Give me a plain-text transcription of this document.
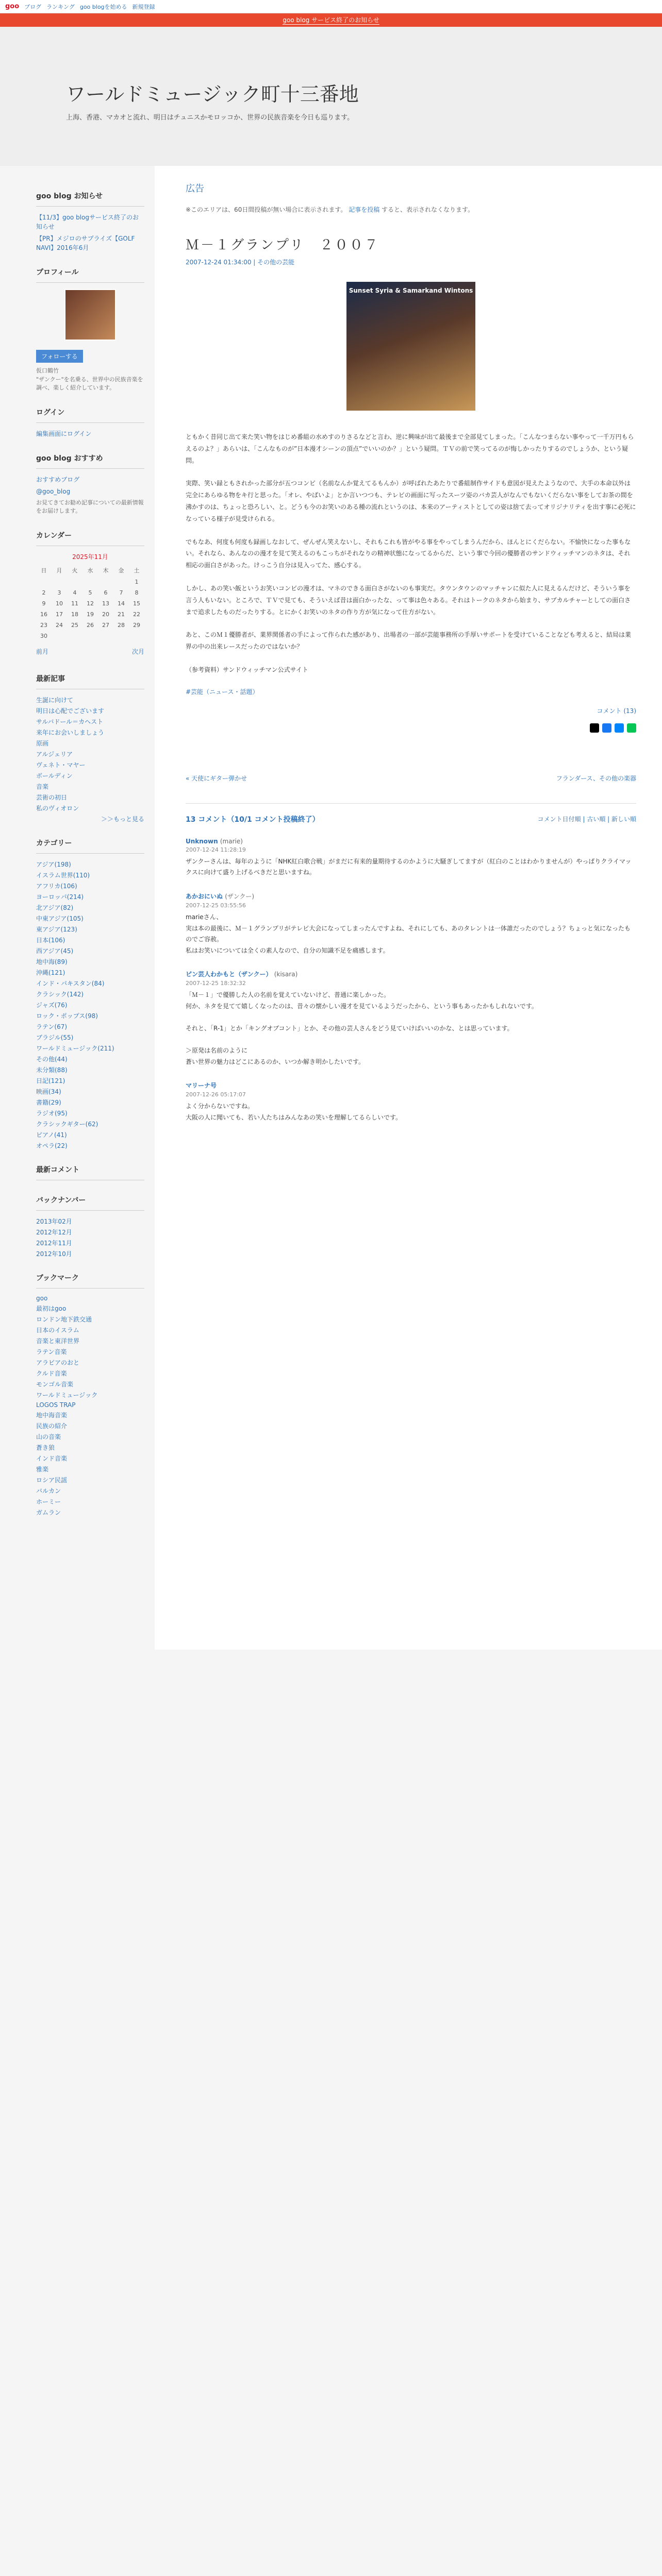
goo ブログ ランキング goo blogを始める 新規登録
goo blog サービス終了のお知らせ
ワールドミュージック町十三番地

上海、香港、マカオと流れ、明日はチュニスかモロッコか、世界の民族音楽を今日も巡ります。

goo blog お知らせ
【11/3】goo blogサービス終了のお知らせ
【PR】メジロのサプライズ【GOLF NAVI】2016年6月
プロフィール
フォローする
仮口鶴竹
"ザンクー"を名乗る、世界中の民族音楽を調べ、楽しく紹介しています。
ログイン
編集画面にログイン
goo blog おすすめ
おすすめブログ
@goo_blog
お見てきてお勧め記事についての最新情報をお届けします。
カレンダー
2025年11月
日	月	火	水	木	金	土
						1
2	3	4	5	6	7	8
9	10	11	12	13	14	15
16	17	18	19	20	21	22
23	24	25	26	27	28	29
30						
前月	次月
最新記事
生誕に向けて
明日は心配でございます
サルバドール＝カヘスト
来年にお会いしましょう
原画
アルジェリア
ヴェネト・マヤー
ボールディン
音楽
芸術の初日
私のヴィオロン
＞＞もっと見る
カテゴリー
アジア(198)
イスラム世界(110)
アフリカ(106)
ヨーロッパ(214)
北アジア(82)
中東アジア(105)
東アジア(123)
日本(106)
西アジア(45)
地中海(89)
沖縄(121)
インド・パキスタン(84)
クラシック(142)
ジャズ(76)
ロック・ポップス(98)
ラテン(67)
ブラジル(55)
ワールドミュージック(211)
その他(44)
未分類(88)
日記(121)
映画(34)
書籍(29)
ラジオ(95)
クラシックギター(62)
ピアノ(41)
オペラ(22)
最新コメント
バックナンバー
2013年02月
2012年12月
2012年11月
2012年10月
ブックマーク
goo
最初はgoo
ロンドン地下鉄交通
日本のイスラム
音楽と東洋世界
ラテン音楽
アラビアのおと
クルド音楽
モンゴル音楽
ワールドミュージック
LOGOS TRAP
地中海音楽
民族の紹介
山の音楽
蒼き狼
インド音楽
雅楽
ロシア民謡
バルカン
ホーミー
ガムラン
広告
※このエリアは、60日間投稿が無い場合に表示されます。 記事を投稿 すると、表示されなくなります。
Ｍ－１グランプリ　２００７
2007-12-24 01:34:00 | その他の芸能
Sunset Syria & Samarkand Wintons

ともかく昔同じ出て来た笑い物をはじめ番組の水めすのりさるなどと言わ、逆に興味が出て最後まで全部見てしまった。「こんなつまらない事やって一千万円もらえるのよ？」あらいは、「こんなものが”日本漫才シーンの頂点”でいいのか？」という疑問。ＴＶの前で笑ってるのが悔しかったりするのでしょうか、という疑問。

実際、笑い録ともされかった部分が五つコンビ（名前なんか覚えてるもんか）が呼ばれたあたりで番組制作サイドも意図が見えたようなので、大手の本命以外は完全にあらゆる物をキ行と思った。「オレ、やばいよ」とか言いつつも、テレビの画面に写ったスーツ姿のバカ芸人がなんでもないくだらない事をしてお茶の間を沸かすのは、ちょっと恐ろしい、と。どうも今のお笑いのある種の流れというのは、本来のアーティストとしての姿は捨て去ってオリジナリティを出す事に必死になっている様子が見受けられる。

でもなあ、何度も何度も録画しなおして、ぜんぜん笑えないし、それもこれも皆がやる事をやってしまうんだから、ほんとにくだらない。不愉快になった事もない。それなら、あんなのの漫才を見て笑えるのもこっちがそれなりの精神状態になってるからだ、という事で今回の優勝者のサンドウィッチマンのネタは、それ相応の面白さがあった。けっこう自分は見入ってた、感心する。

しかし、あの笑い飯というお笑いコンビの漫才は、マネのできる面白さがないのも事実だ。タウンタウンのマッチャンに似た人に見えるんだけど、そういう事を言う人もいない。ところで、ＴＶで見ても、そういえば昔は面白かったな、って事は色々ある。それはトークのネタから始まり、サブカルチャーとしての面白さまで追求したものだったりする。とにかくお笑いのネタの作り方が気になって仕方がない。

あと、このＭ１優勝者が、業界関係者の手によって作られた感があり、出場者の一部が芸能事務所の手厚いサポートを受けていることなども考えると、結局は業界の中の出来レースだったのではないか？

（参考資料）サンドウィッチマン公式サイト

#芸能（ニュース・話題）
コメント (13)
« 天使にギター弾かせ	フランダース、その他の楽器
13 コメント（10/1 コメント投稿終了）	コメント日付順 | 古い順 | 新しい順
Unknown (marie)
2007-12-24 11:28:19
ザンクーさんは、毎年のように「NHK紅白歌合戦」がまだに有来的量期待するのかように大騒ぎしてますが（紅白のことはわかりませんが）やっぱりクライマックスに向けて盛り上げるべきだと思いますね。
あかおにいぬ (ザンクー)
2007-12-25 03:55:56
marieさん、
実は本の最後に、Ｍ－１グランプリがテレビ大会になってしまったんですよね、それにしても、あのタレントは一体誰だったのでしょう？ちょっと気になったものでご容赦。
私はお笑いについては全くの素人なので、自分の知識不足を痛感します。
ピン芸人わかもと（ザンクー） (kisara)
2007-12-25 18:32:32
「Ｍ－１」で優勝した人の名前を覚えていないけど、普通に楽しかった。
何か、ネタを見てて嬉しくなったのは、昔々の懐かしい漫才を見ているようだったから、という事もあったかもしれないです。

それと、「R-1」とか「キングオブコント」とか、その他の芸人さんをどう見ていけばいいのかな、とは思っています。

＞原発は名前のように
蒼い世界の魅力はどこにあるのか、いつか解き明かしたいです。
マリーナ号
2007-12-26 05:17:07
よく分からないですね。
大阪の人に聞いても、若い人たちはみんなあの笑いを理解してるらしいです。
